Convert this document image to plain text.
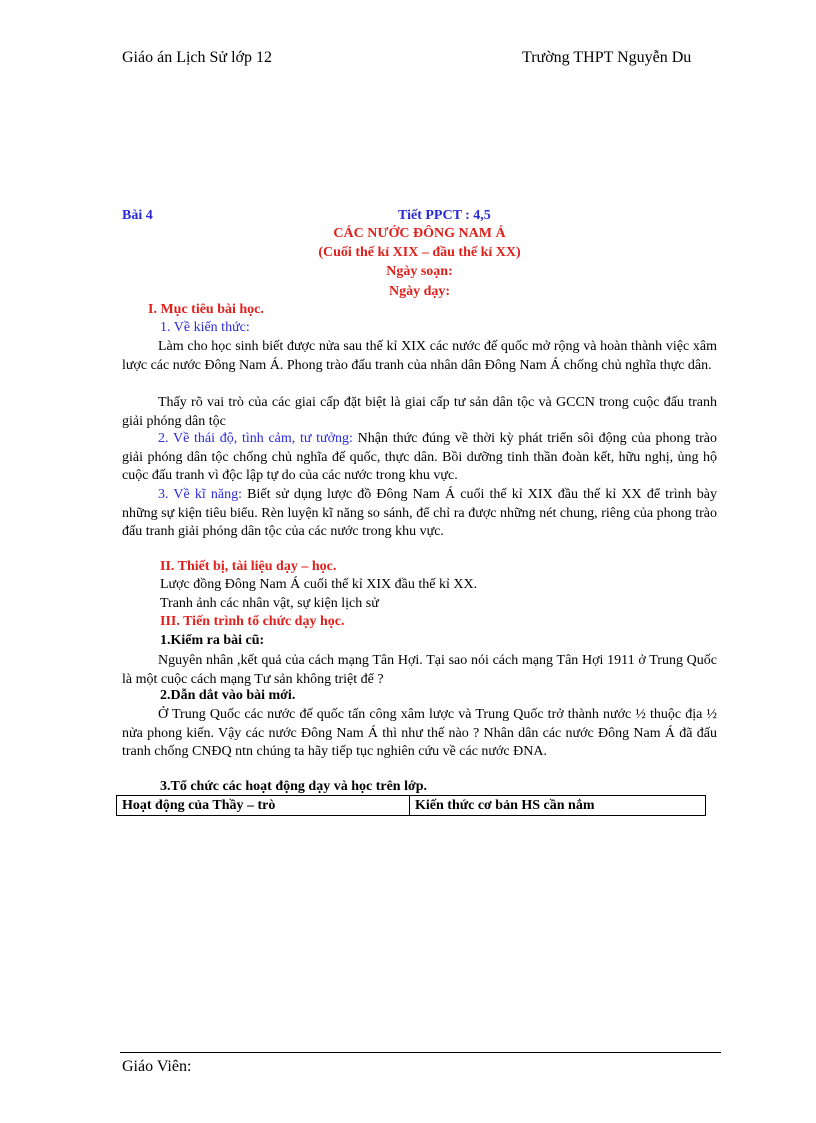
Giáo án Lịch Sử lớp 12	Trường THPT Nguyễn Du
Bài 4	Tiết PPCT : 4,5
CÁC NƯỚC ĐÔNG NAM Á
(Cuối thế kỉ XIX – đầu thế kỉ XX)
Ngày soạn:
Ngày dạy:
I. Mục tiêu bài học.
1. Về kiến thức:
Làm cho học sinh biết được nửa sau thế kỉ XIX các nước đế quốc mở rộng và hoàn thành việc xâm lược các nước Đông Nam Á. Phong trào đấu tranh của nhân dân Đông Nam Á chống chủ nghĩa thực dân.
Thấy rõ vai trò của các giai cấp đặt biệt là giai cấp tư sản dân tộc và GCCN trong cuộc đấu tranh giải phóng dân tộc
2. Về thái độ, tình cảm, tư tưởng: Nhận thức đúng về thời kỳ phát triển sôi động của phong trào giải phóng dân tộc chống chủ nghĩa đế quốc, thực dân. Bồi dưỡng tinh thần đoàn kết, hữu nghị, ủng hộ cuộc đấu tranh vì độc lập tự do của các nước trong khu vực.
3. Về kĩ năng: Biết sử dụng lược đồ Đông Nam Á cuối thế kỉ XIX đầu thế kỉ XX để trình bày những sự kiện tiêu biểu. Rèn luyện kĩ năng so sánh, để chỉ ra được những nét chung, riêng của phong trào đấu tranh giải phóng dân tộc của các nước trong khu vực.
II. Thiết bị, tài liệu dạy – học.
Lược đồng Đông Nam Á cuối thế kỉ XIX đầu thế kỉ XX.
Tranh ảnh các nhân vật, sự kiện lịch sử
III. Tiến trình tổ chức dạy học.
1.Kiểm ra bài cũ:
Nguyên nhân ,kết quả của cách mạng Tân Hợi. Tại sao nói cách mạng Tân Hợi 1911 ở Trung Quốc là một cuộc cách mạng Tư sản không triệt để ?
2.Dẫn dắt vào bài mới.
Ở Trung Quốc các nước đế quốc tấn công xâm lược và Trung Quốc trở thành nước ½ thuộc địa ½ nửa phong kiến. Vậy các nước Đông Nam Á thì như thế nào ? Nhân dân các nước Đông Nam Á đã đấu tranh chống CNĐQ ntn chúng ta hãy tiếp tục nghiên cứu về các nước ĐNA.
3.Tổ chức các hoạt động dạy và học trên lớp.
Hoạt động của Thầy – trò	Kiến thức cơ bản HS cần nắm
Giáo Viên:
